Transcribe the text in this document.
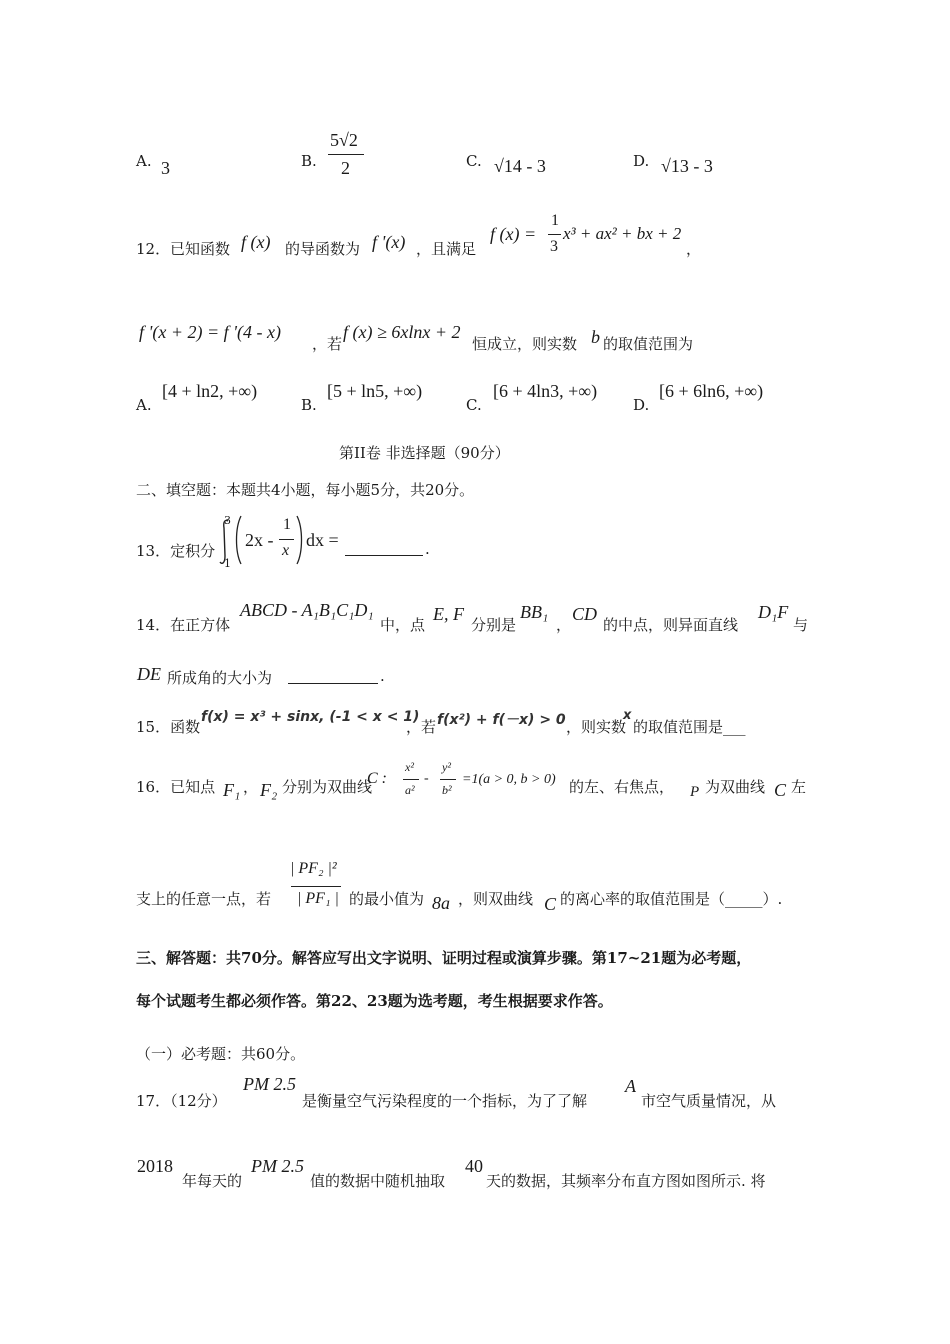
A. 3	B.
5√2
2	C. √14 - 3	D. √13 - 3
12． 已知函数 f (x) 的导函数为 f '(x) ，且满足
f (x) =
1
3
x³ + ax² + bx + 2
，
f '(x + 2) = f '(4 - x)
，若
f (x) ≥ 6xlnx + 2
恒成立，则实数 b 的取值范围为
A.
[4 + ln2, +∞)
B.
[5 + ln5, +∞)
C.
[6 + 4ln3, +∞)
D.
[6 + 6ln6, +∞)
第II卷 非选择题（90分）
二、填空题：本题共4小题，每小题5分，共20分。
13．定积分
3
1
2x -
1
x
dx =	.
14．在正方体
ABCD - A₁B₁C₁D₁
中，点
E, F
分别是
BB₁
，
CD
的中点，则异面直线
D₁F
与
DE 所成角的大小为	.
15．函数
f(x) = x³ + sinx, (-1 < x < 1)
，若 f(x²) + f(－x) > 0 ，则实数
x
的取值范围是___
16．已知点 F₁ ， F₂ 分别为双曲线
C :
x²
a²
-
y²
b²
=1(a > 0, b > 0) 的左、右焦点， P 为双曲线 C 左
支上的任意一点，若
| PF₂ |²
| PF₁ | 的最小值为 8a ，则双曲线 C 的离心率的取值范围是（_____）.
三、解答题：共70分。解答应写出文字说明、证明过程或演算步骤。第17~21题为必考题，
每个试题考生都必须作答。第22、23题为选考题，考生根据要求作答。
（一）必考题：共60分。
17．（12分）
PM 2.5
是衡量空气污染程度的一个指标，为了了解
A
市空气质量情况，从
2018
年每天的
PM 2.5
值的数据中随机抽取
40
天的数据，其频率分布直方图如图所示. 将
